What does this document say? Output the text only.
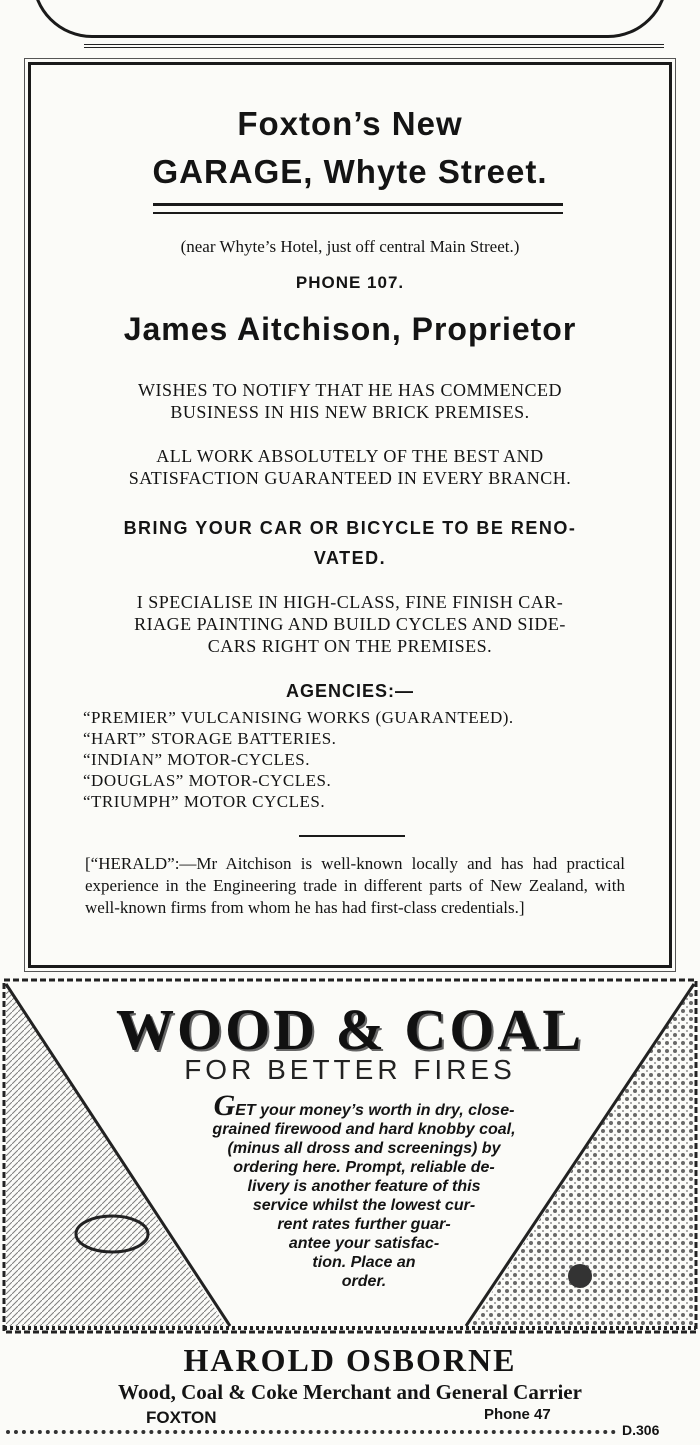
Foxton’s New
GARAGE, Whyte Street.
(near Whyte’s Hotel, just off central Main Street.)
PHONE 107.
James Aitchison, Proprietor
WISHES TO NOTIFY THAT HE HAS COMMENCED
BUSINESS IN HIS NEW BRICK PREMISES.
ALL WORK ABSOLUTELY OF THE BEST AND
SATISFACTION GUARANTEED IN EVERY BRANCH.
BRING YOUR CAR OR BICYCLE TO BE RENO-
VATED.
I SPECIALISE IN HIGH-CLASS, FINE FINISH CAR-
RIAGE PAINTING AND BUILD CYCLES AND SIDE-
CARS RIGHT ON THE PREMISES.
AGENCIES:—
“PREMIER” VULCANISING WORKS (GUARANTEED).
“HART” STORAGE BATTERIES.
“INDIAN” MOTOR-CYCLES.
“DOUGLAS” MOTOR-CYCLES.
“TRIUMPH” MOTOR CYCLES.
[“HERALD”:—Mr Aitchison is well-known locally and has had practical experience in the Engineering trade in different parts of New Zealand, with well-known firms from whom he has had first-class credentials.]
WOOD & COAL
FOR BETTER FIRES
GET your money’s worth in dry, close-
grained firewood and hard knobby coal,
(minus all dross and screenings) by
ordering here. Prompt, reliable de-
livery is another feature of this
service whilst the lowest cur-
rent rates further guar-
antee your satisfac-
tion. Place an
order.
HAROLD OSBORNE
Wood, Coal & Coke Merchant and General Carrier
FOXTON	Phone 47
D.306
